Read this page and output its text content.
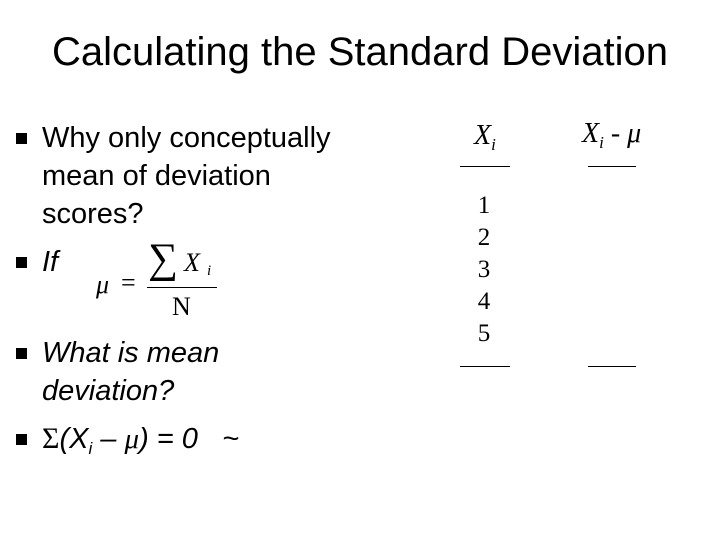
Calculating the Standard Deviation
Why only conceptually
mean of deviation
scores?
If
μ =
∑ X i
N
What is mean
deviation?
$\Sigma(X_i - \mu) = 0$   ~
$X_i$	$X_i$ - μ
1
2
3
4
5
